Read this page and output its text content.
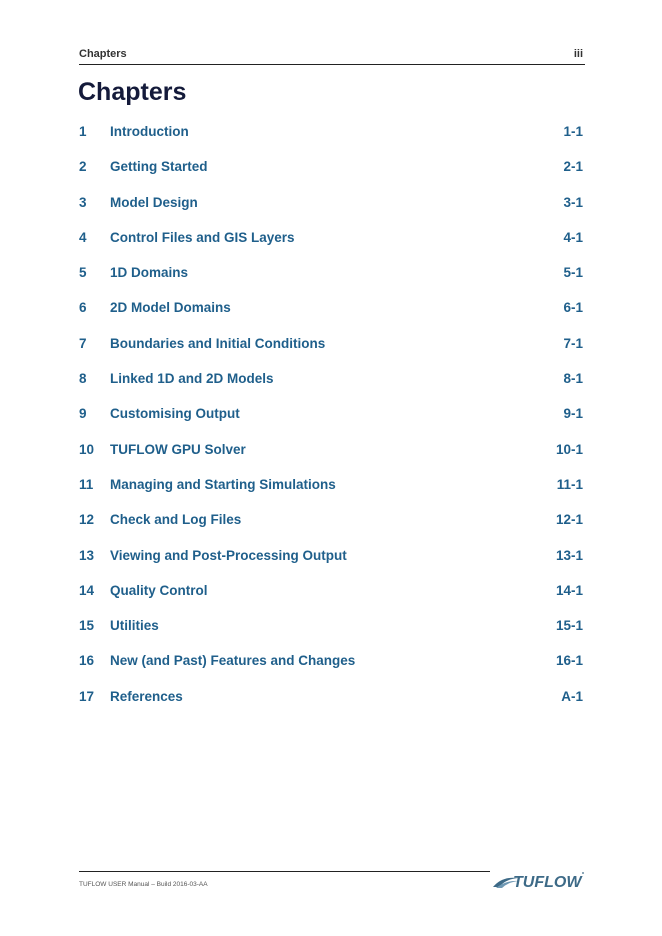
Chapters	iii
Chapters
1 Introduction	1-1
2 Getting Started	2-1
3 Model Design	3-1
4 Control Files and GIS Layers	4-1
5 1D Domains	5-1
6 2D Model Domains	6-1
7 Boundaries and Initial Conditions	7-1
8 Linked 1D and 2D Models	8-1
9 Customising Output	9-1
10 TUFLOW GPU Solver	10-1
11 Managing and Starting Simulations	11-1
12 Check and Log Files	12-1
13 Viewing and Post-Processing Output	13-1
14 Quality Control	14-1
15 Utilities	15-1
16 New (and Past) Features and Changes	16-1
17 References	A-1
TUFLOW USER Manual – Build 2016-03-AA	TUFLOW
